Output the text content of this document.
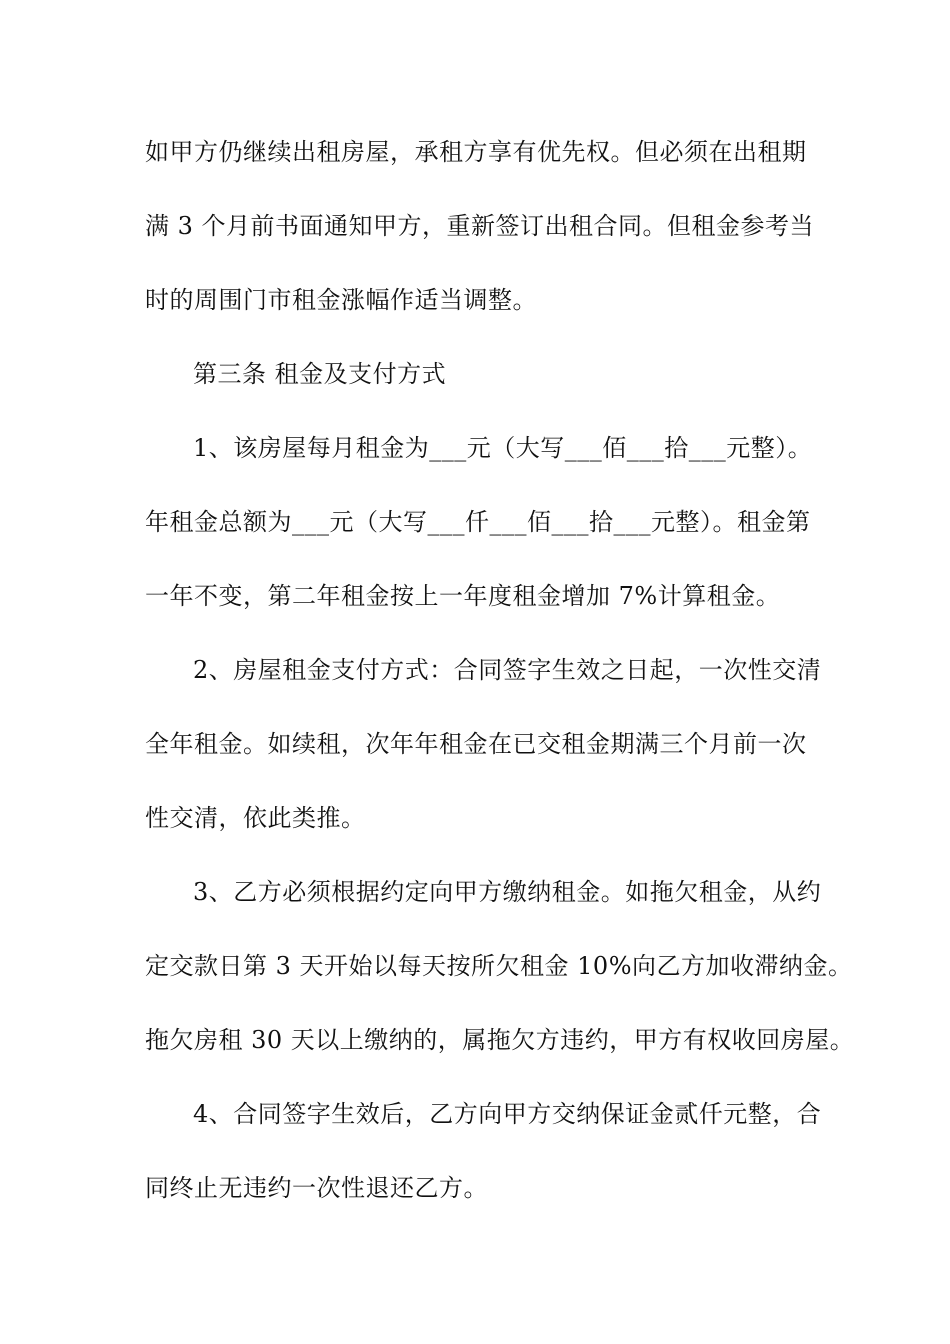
如甲方仍继续出租房屋，承租方享有优先权。但必须在出租期
满 3 个月前书面通知甲方，重新签订出租合同。但租金参考当
时的周围门市租金涨幅作适当调整。
第三条 租金及支付方式
1、该房屋每月租金为___元（大写___佰___拾___元整）。
年租金总额为___元（大写___仟___佰___拾___元整）。租金第
一年不变，第二年租金按上一年度租金增加 7%计算租金。
2、房屋租金支付方式：合同签字生效之日起，一次性交清
全年租金。如续租，次年年租金在已交租金期满三个月前一次
性交清，依此类推。
3、乙方必须根据约定向甲方缴纳租金。如拖欠租金，从约
定交款日第 3 天开始以每天按所欠租金 10%向乙方加收滞纳金。
拖欠房租 30 天以上缴纳的，属拖欠方违约，甲方有权收回房屋。
4、合同签字生效后，乙方向甲方交纳保证金贰仟元整，合
同终止无违约一次性退还乙方。
